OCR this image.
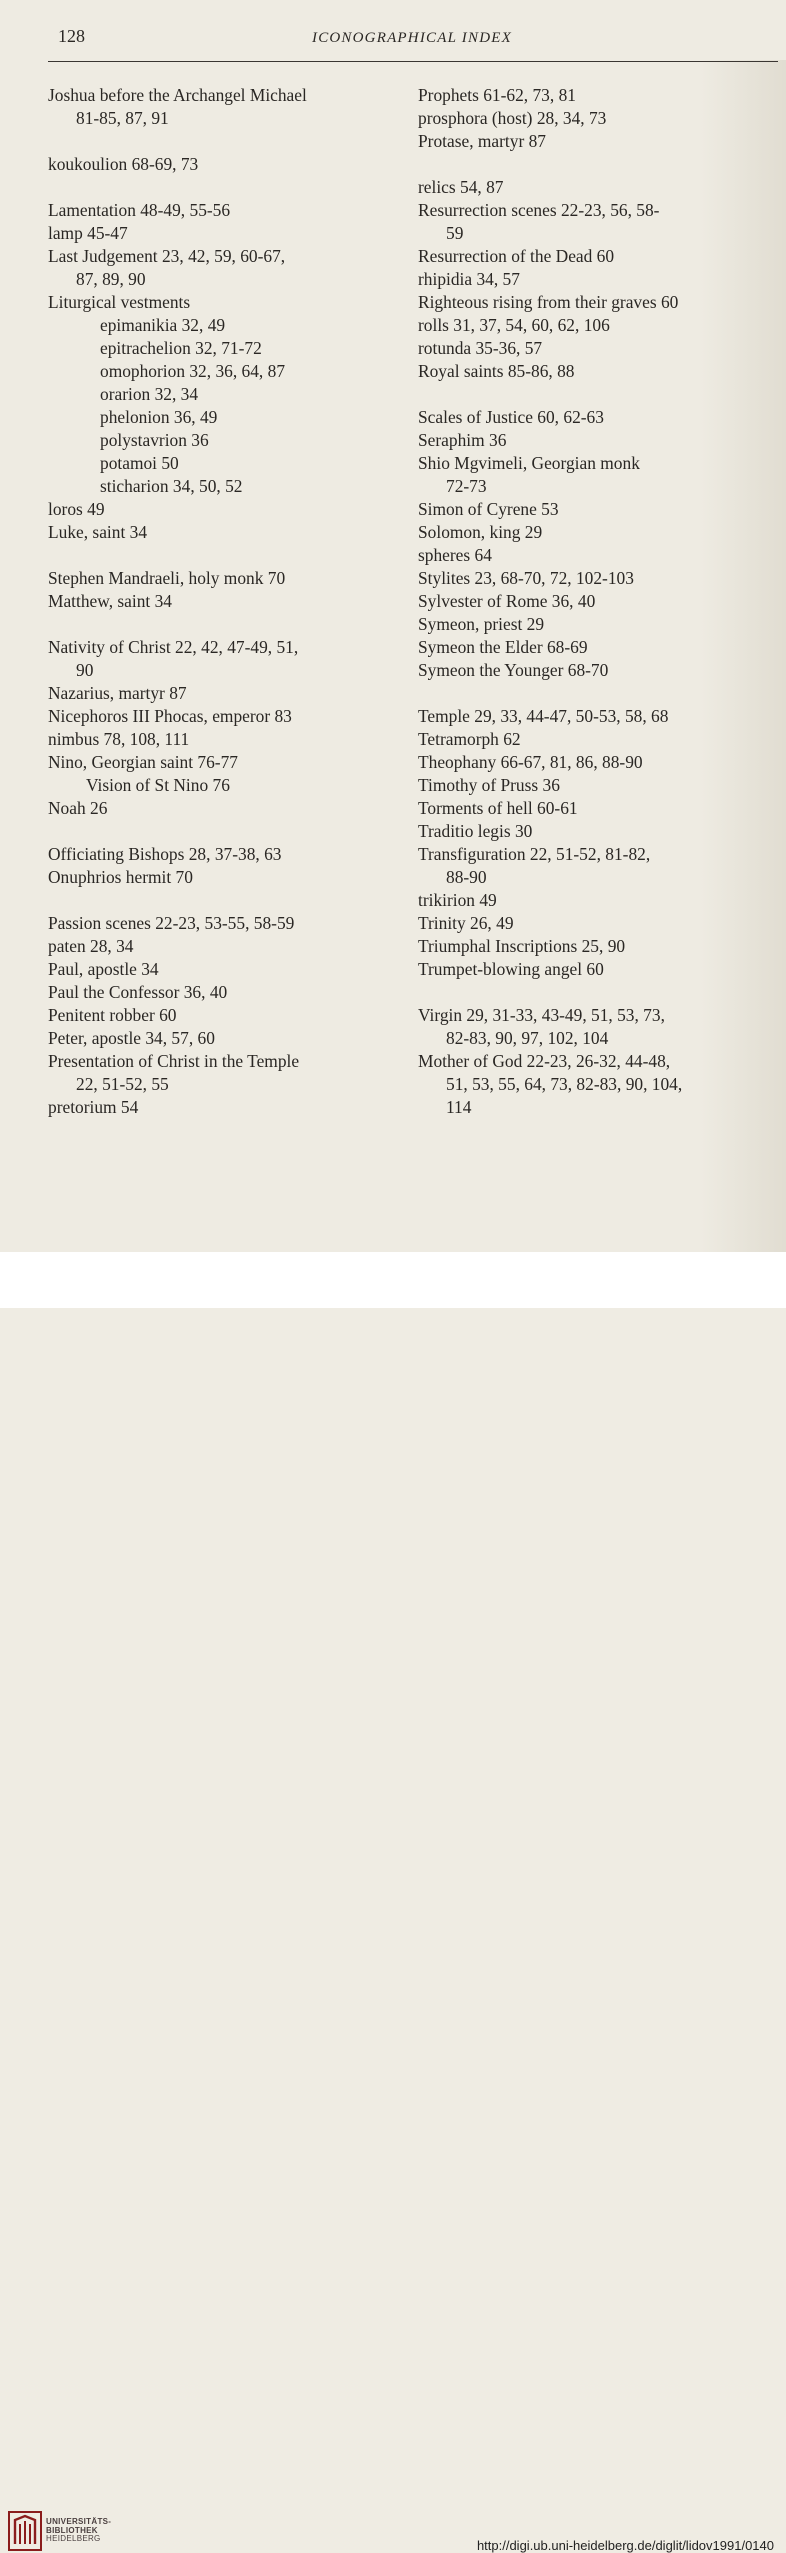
128	ICONOGRAPHICAL INDEX
Joshua before the Archangel Michael
81-85, 87, 91
koukoulion 68-69, 73
Lamentation 48-49, 55-56
lamp 45-47
Last Judgement 23, 42, 59, 60-67,
87, 89, 90
Liturgical vestments
epimanikia 32, 49
epitrachelion 32, 71-72
omophorion 32, 36, 64, 87
orarion 32, 34
phelonion 36, 49
polystavrion 36
potamoi 50
sticharion 34, 50, 52
loros 49
Luke, saint 34
Stephen Mandraeli, holy monk 70
Matthew, saint 34
Nativity of Christ 22, 42, 47-49, 51,
90
Nazarius, martyr 87
Nicephoros III Phocas, emperor 83
nimbus 78, 108, 111
Nino, Georgian saint 76-77
Vision of St Nino 76
Noah 26
Officiating Bishops 28, 37-38, 63
Onuphrios hermit 70
Passion scenes 22-23, 53-55, 58-59
paten 28, 34
Paul, apostle 34
Paul the Confessor 36, 40
Penitent robber 60
Peter, apostle 34, 57, 60
Presentation of Christ in the Temple
22, 51-52, 55
pretorium 54
Prophets 61-62, 73, 81
prosphora (host) 28, 34, 73
Protase, martyr 87
relics 54, 87
Resurrection scenes 22-23, 56, 58-
59
Resurrection of the Dead 60
rhipidia 34, 57
Righteous rising from their graves 60
rolls 31, 37, 54, 60, 62, 106
rotunda 35-36, 57
Royal saints 85-86, 88
Scales of Justice 60, 62-63
Seraphim 36
Shio Mgvimeli, Georgian monk
72-73
Simon of Cyrene 53
Solomon, king 29
spheres 64
Stylites 23, 68-70, 72, 102-103
Sylvester of Rome 36, 40
Symeon, priest 29
Symeon the Elder 68-69
Symeon the Younger 68-70
Temple 29, 33, 44-47, 50-53, 58, 68
Tetramorph 62
Theophany 66-67, 81, 86, 88-90
Timothy of Pruss 36
Torments of hell 60-61
Traditio legis 30
Transfiguration 22, 51-52, 81-82,
88-90
trikirion 49
Trinity 26, 49
Triumphal Inscriptions 25, 90
Trumpet-blowing angel 60
Virgin 29, 31-33, 43-49, 51, 53, 73,
82-83, 90, 97, 102, 104
Mother of God 22-23, 26-32, 44-48,
51, 53, 55, 64, 73, 82-83, 90, 104,
114
UNIVERSITÄTS-
BIBLIOTHEK
HEIDELBERG	http://digi.ub.uni-heidelberg.de/diglit/lidov1991/0140
